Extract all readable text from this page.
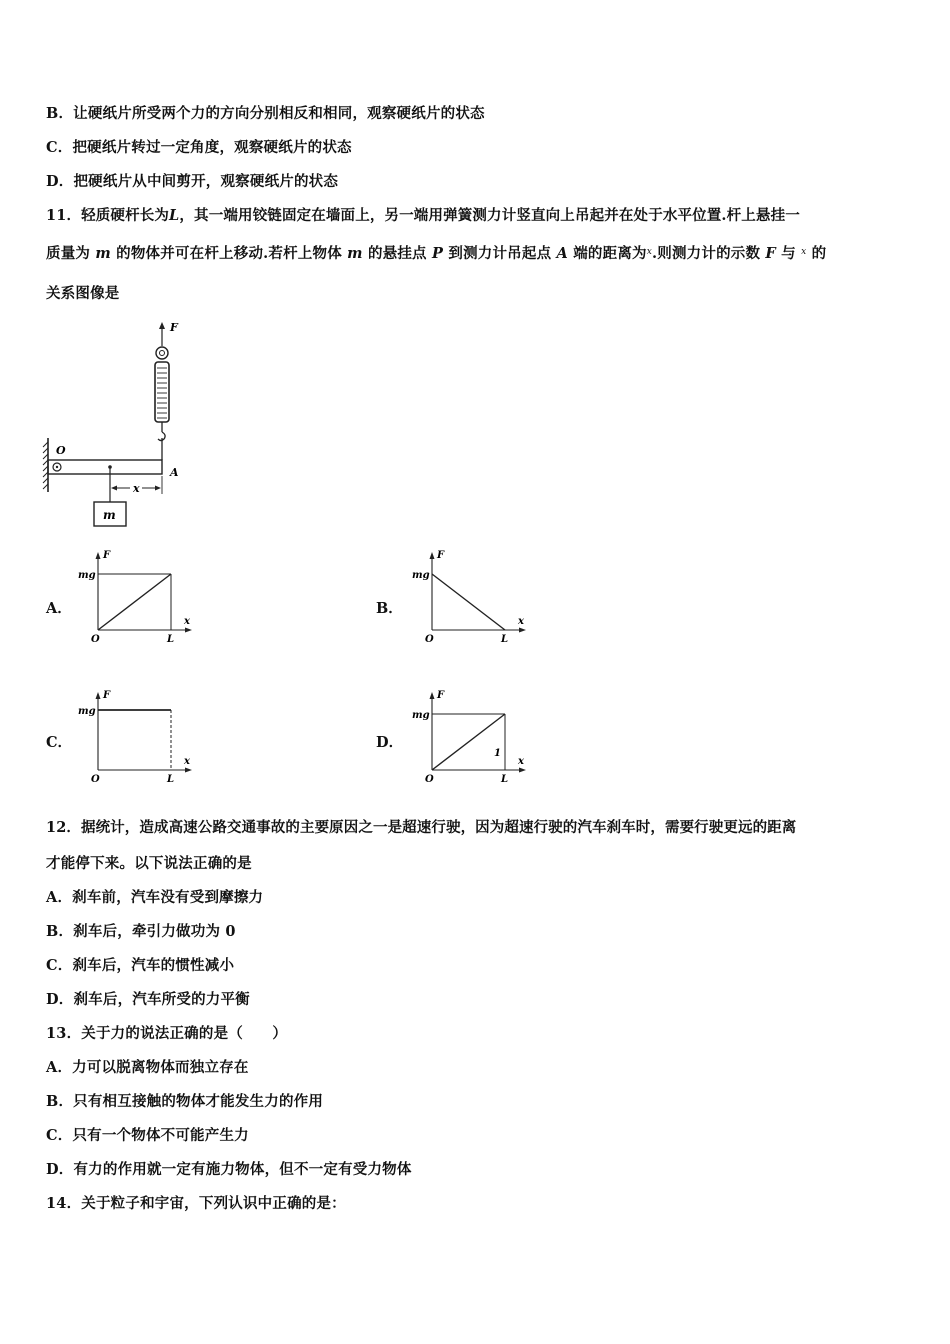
B．让硬纸片所受两个力的方向分别相反和相同，观察硬纸片的状态
C．把硬纸片转过一定角度，观察硬纸片的状态
D．把硬纸片从中间剪开，观察硬纸片的状态
11．轻质硬杆长为L，其一端用铰链固定在墙面上，另一端用弹簧测力计竖直向上吊起并在处于水平位置.杆上悬挂一
质量为 m 的物体并可在杆上移动.若杆上物体 m 的悬挂点 P 到测力计吊起点 A 端的距离为$^x$.则测力计的示数 F 与 $^x$ 的
关系图像是
F
O
A
x
m
A．
F
mg
O	L
x
B．
F
mg
O	L
x
C．
F
mg
O	L
x
D．
F
mg
O	L
x
1
12．据统计，造成高速公路交通事故的主要原因之一是超速行驶，因为超速行驶的汽车刹车时，需要行驶更远的距离
才能停下来。以下说法正确的是
A．刹车前，汽车没有受到摩擦力
B．刹车后，牵引力做功为 0
C．刹车后，汽车的惯性减小
D．刹车后，汽车所受的力平衡
13．关于力的说法正确的是（　　）
A．力可以脱离物体而独立存在
B．只有相互接触的物体才能发生力的作用
C．只有一个物体不可能产生力
D．有力的作用就一定有施力物体，但不一定有受力物体
14．关于粒子和宇宙，下列认识中正确的是：
